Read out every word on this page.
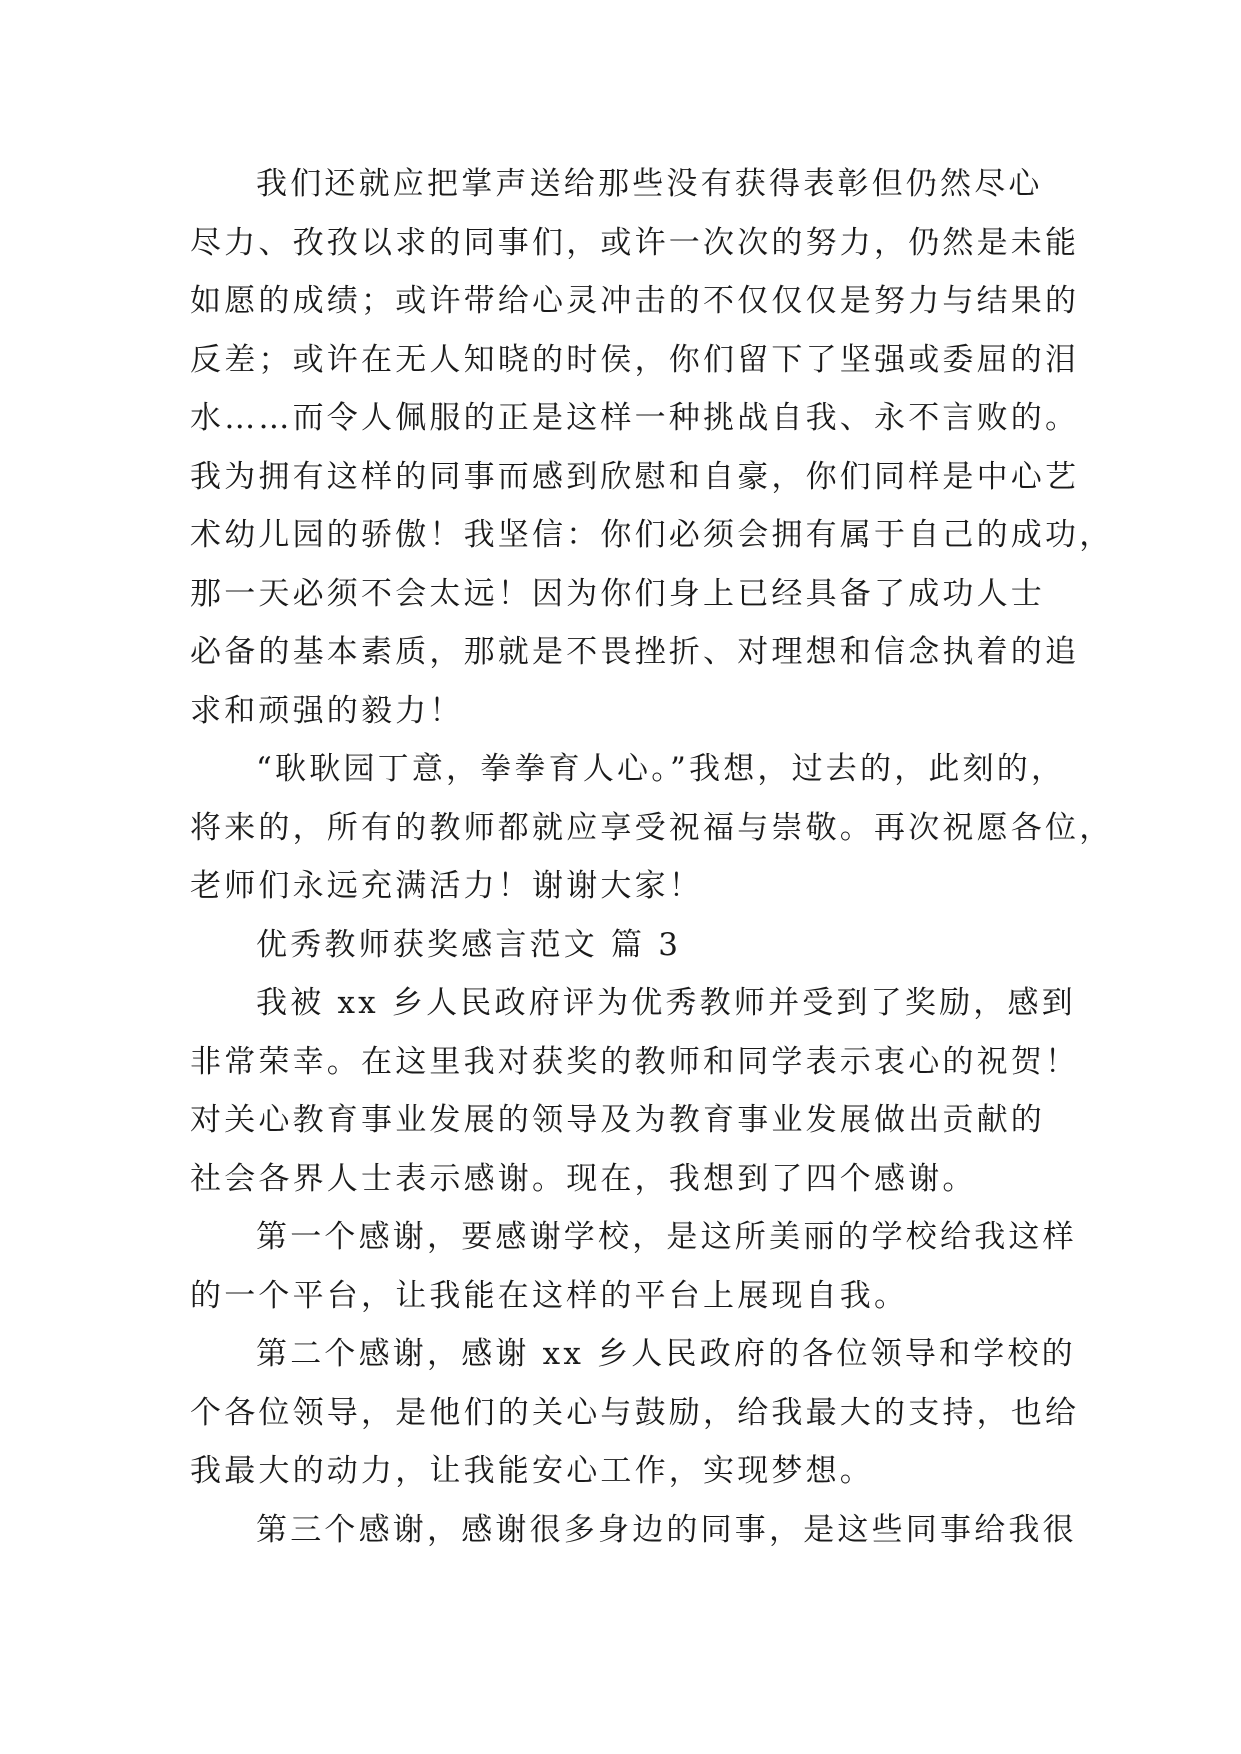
我们还就应把掌声送给那些没有获得表彰但仍然尽心
尽力、孜孜以求的同事们，或许一次次的努力，仍然是未能
如愿的成绩；或许带给心灵冲击的不仅仅仅是努力与结果的
反差；或许在无人知晓的时侯，你们留下了坚强或委屈的泪
水……而令人佩服的正是这样一种挑战自我、永不言败的。
我为拥有这样的同事而感到欣慰和自豪，你们同样是中心艺
术幼儿园的骄傲！我坚信：你们必须会拥有属于自己的成功，
那一天必须不会太远！因为你们身上已经具备了成功人士
必备的基本素质，那就是不畏挫折、对理想和信念执着的追
求和顽强的毅力！
“耿耿园丁意，拳拳育人心。”我想，过去的，此刻的，
将来的，所有的教师都就应享受祝福与崇敬。再次祝愿各位，
老师们永远充满活力！谢谢大家！
优秀教师获奖感言范文 篇 3
我被 xx 乡人民政府评为优秀教师并受到了奖励，感到
非常荣幸。在这里我对获奖的教师和同学表示衷心的祝贺！
对关心教育事业发展的领导及为教育事业发展做出贡献的
社会各界人士表示感谢。现在，我想到了四个感谢。
第一个感谢，要感谢学校，是这所美丽的学校给我这样
的一个平台，让我能在这样的平台上展现自我。
第二个感谢，感谢 xx 乡人民政府的各位领导和学校的
个各位领导，是他们的关心与鼓励，给我最大的支持，也给
我最大的动力，让我能安心工作，实现梦想。
第三个感谢，感谢很多身边的同事，是这些同事给我很
